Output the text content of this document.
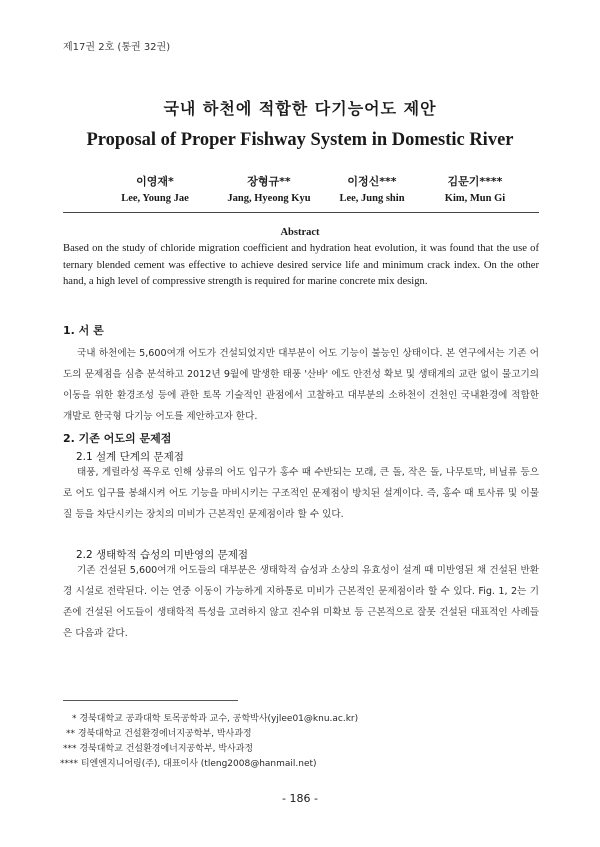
제17권 2호 (통권 32권)
국내 하천에 적합한 다기능어도 제안
Proposal of Proper Fishway System in Domestic River
이영재*
Lee, Young Jae
장형규**
Jang, Hyeong Kyu
이정신***
Lee, Jung shin
김문기****
Kim, Mun Gi
Abstract
Based on the study of chloride migration coefficient and hydration heat evolution, it was found that the use of ternary blended cement was effective to achieve desired service life and minimum crack index. On the other hand, a high level of compressive strength is required for marine concrete mix design.
1. 서 론
국내 하천에는 5,600여개 어도가 건설되었지만 대부분이 어도 기능이 불능인 상태이다. 본 연구에서는 기존 어도의 문제점을 심층 분석하고 2012년 9월에 발생한 태풍 '산바' 에도 안전성 확보 및 생태계의 교란 없이 물고기의 이동을 위한 환경조성 등에 관한 토목 기술적인 관점에서 고찰하고 대부분의 소하천이 건천인 국내환경에 적합한 개발로 한국형 다기능 어도를 제안하고자 한다.
2. 기존 어도의 문제점
2.1 설계 단계의 문제점
태풍, 게릴라성 폭우로 인해 상류의 어도 입구가 홍수 때 수반되는 모래, 큰 돌, 작은 돌, 나무토막, 비닐류 등으로 어도 입구를 봉쇄시켜 어도 기능을 마비시키는 구조적인 문제점이 방치된 설계이다. 즉, 홍수 때 토사류 및 이물질 등을 차단시키는 장치의 미비가 근본적인 문제점이라 할 수 있다.
2.2 생태학적 습성의 미반영의 문제점
기존 건설된 5,600여개 어도들의 대부분은 생태학적 습성과 소상의 유효성이 설계 때 미반영된 채 건설된 반환경 시설로 전락된다. 이는 연중 이동이 가능하게 지하통로 미비가 근본적인 문제점이라 할 수 있다. Fig. 1, 2는 기존에 건설된 어도들이 생태학적 특성을 고려하지 않고 진수위 미확보 등 근본적으로 잘못 건설된 대표적인 사례들은 다음과 같다.
* 경북대학교 공과대학 토목공학과 교수, 공학박사(yjlee01@knu.ac.kr)
** 경북대학교 건설환경에너지공학부, 박사과정
*** 경북대학교 건설환경에너지공학부, 박사과정
**** 티엔엔지니어링(주), 대표이사 (tleng2008@hanmail.net)
- 186 -
